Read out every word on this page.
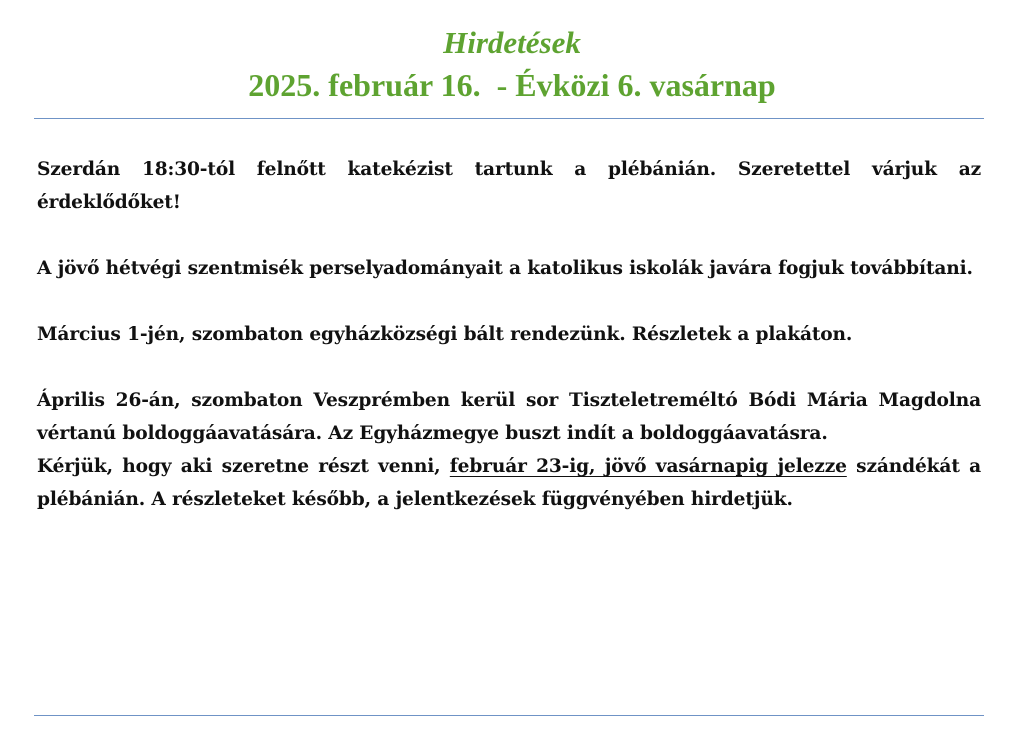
Hirdetések
2025. február 16.  - Évközi 6. vasárnap

Szerdán 18:30-tól felnőtt katekézist tartunk a plébánián. Szeretettel várjuk az érdeklődőket!

A jövő hétvégi szentmisék perselyadományait a katolikus iskolák javára fogjuk továbbítani.

Március 1-jén, szombaton egyházközségi bált rendezünk. Részletek a plakáton.

Április 26-án, szombaton Veszprémben kerül sor Tiszteletreméltó Bódi Mária Magdolna vértanú boldoggáavatására. Az Egyházmegye buszt indít a boldoggáavatásra.

Kérjük, hogy aki szeretne részt venni, február 23-ig, jövő vasárnapig jelezze szándékát a plébánián. A részleteket később, a jelentkezések függvényében hirdetjük.
